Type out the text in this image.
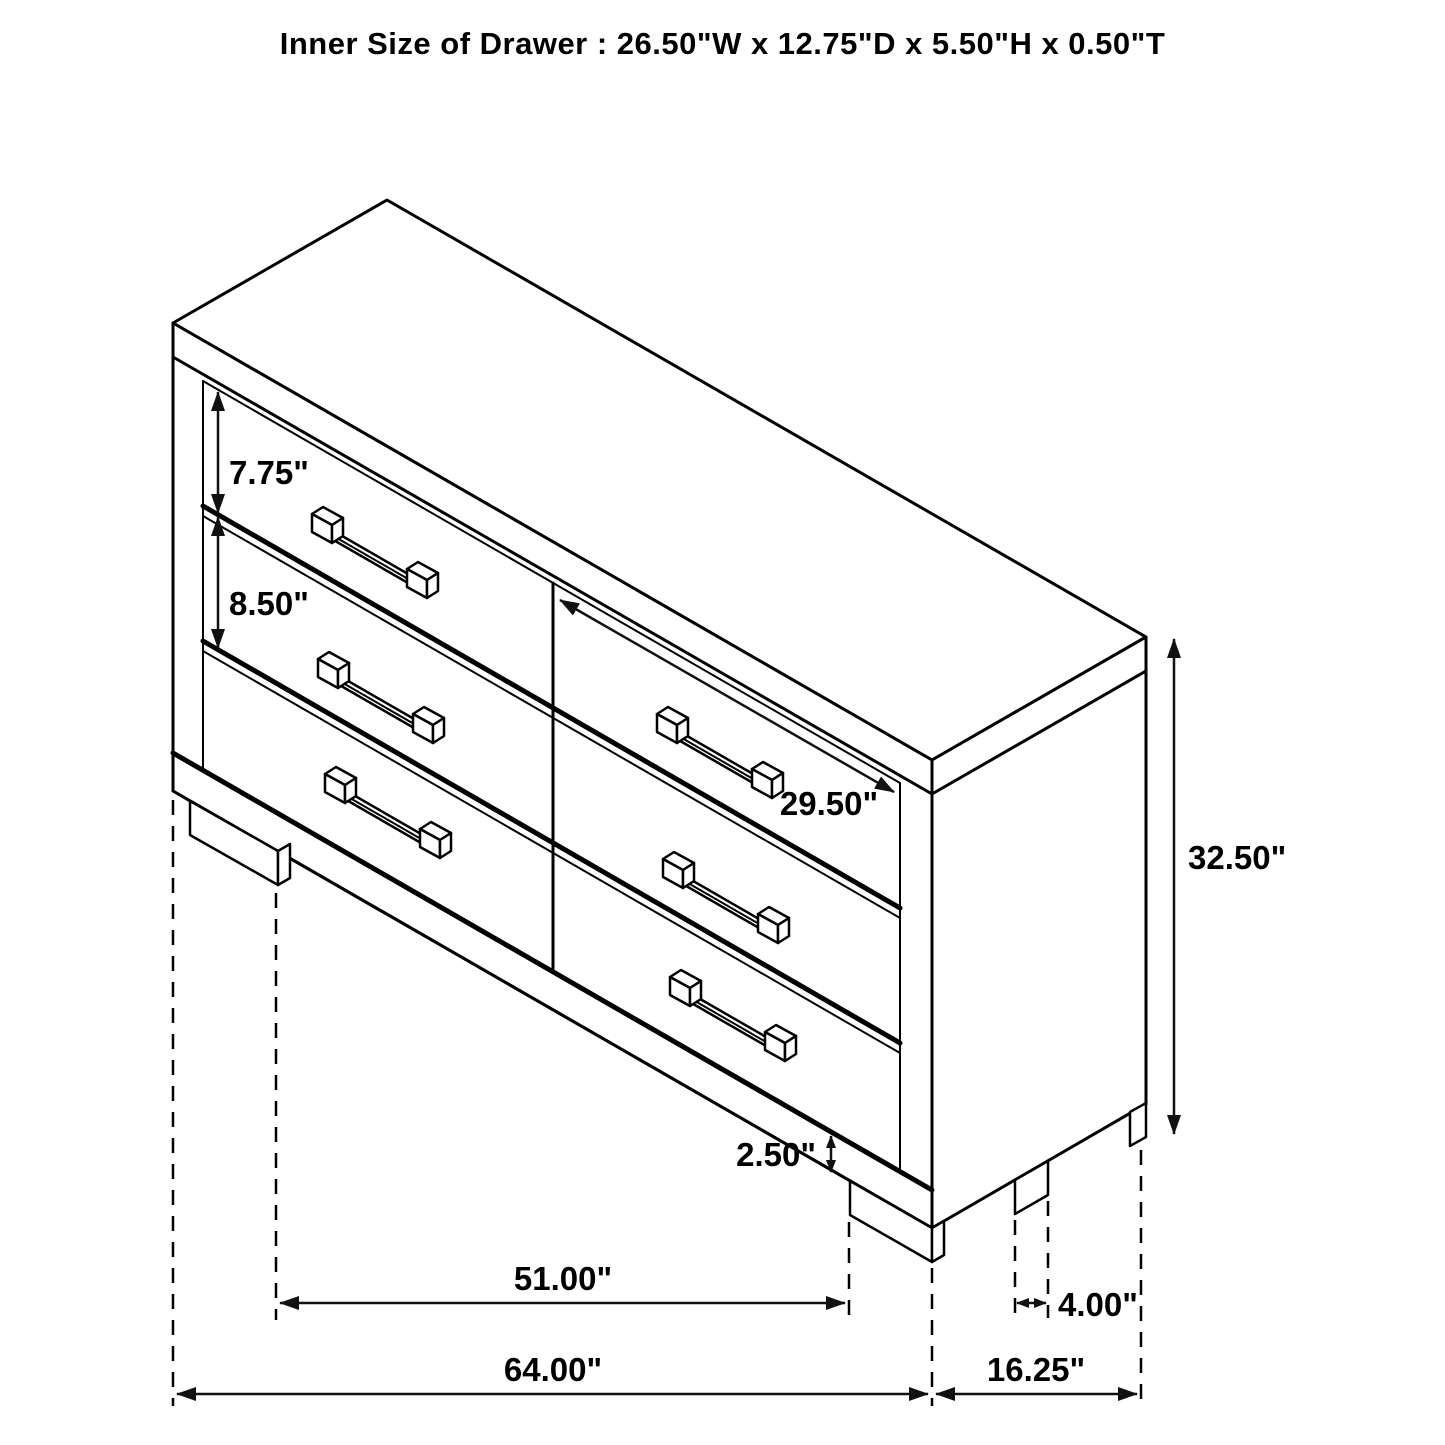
Inner Size of Drawer : 26.50"W x 12.75"D x 5.50"H x 0.50"T
7.75"
8.50"
29.50"
32.50"
2.50"
51.00"
64.00"
4.00"
16.25"
